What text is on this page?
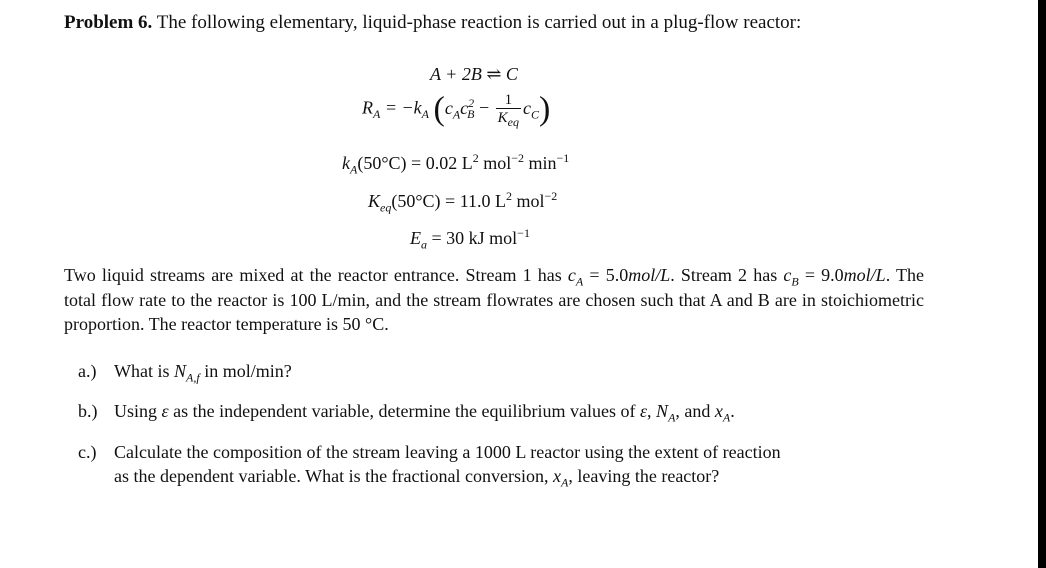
Problem 6. The following elementary, liquid-phase reaction is carried out in a plug-flow reactor:
A + 2B ⇌ C
$R_A = -k_A$ $(c_Ac^2_B - \frac{1}{K_{eq}} c_C)$
$k_A(50^\circ C) = 0.02$ $L^2$ mol$^{-2}$ $\min^{-1}$
$K_{eq}(50^\circ C) = 11.0$ $L^2$ mol$^{-2}$
$E_a = 30$ kJ mol$^{-1}$
Two liquid streams are mixed at the reactor entrance. Stream 1 has $c_A = 5.0mol/L$. Stream 2 has $c_B = 9.0mol/L$. The total flow rate to the reactor is 100 L/min, and the stream flowrates are chosen such that A and B are in stoichiometric proportion. The reactor temperature is 50 °C.
a.) What is $N_{A,f}$ in mol/min?
b.) Using ε as the independent variable, determine the equilibrium values of ε, $N_A$, and $x_A$.
c.) Calculate the composition of the stream leaving a 1000 L reactor using the extent of reaction
as the dependent variable. What is the fractional conversion, $x_A$, leaving the reactor?
